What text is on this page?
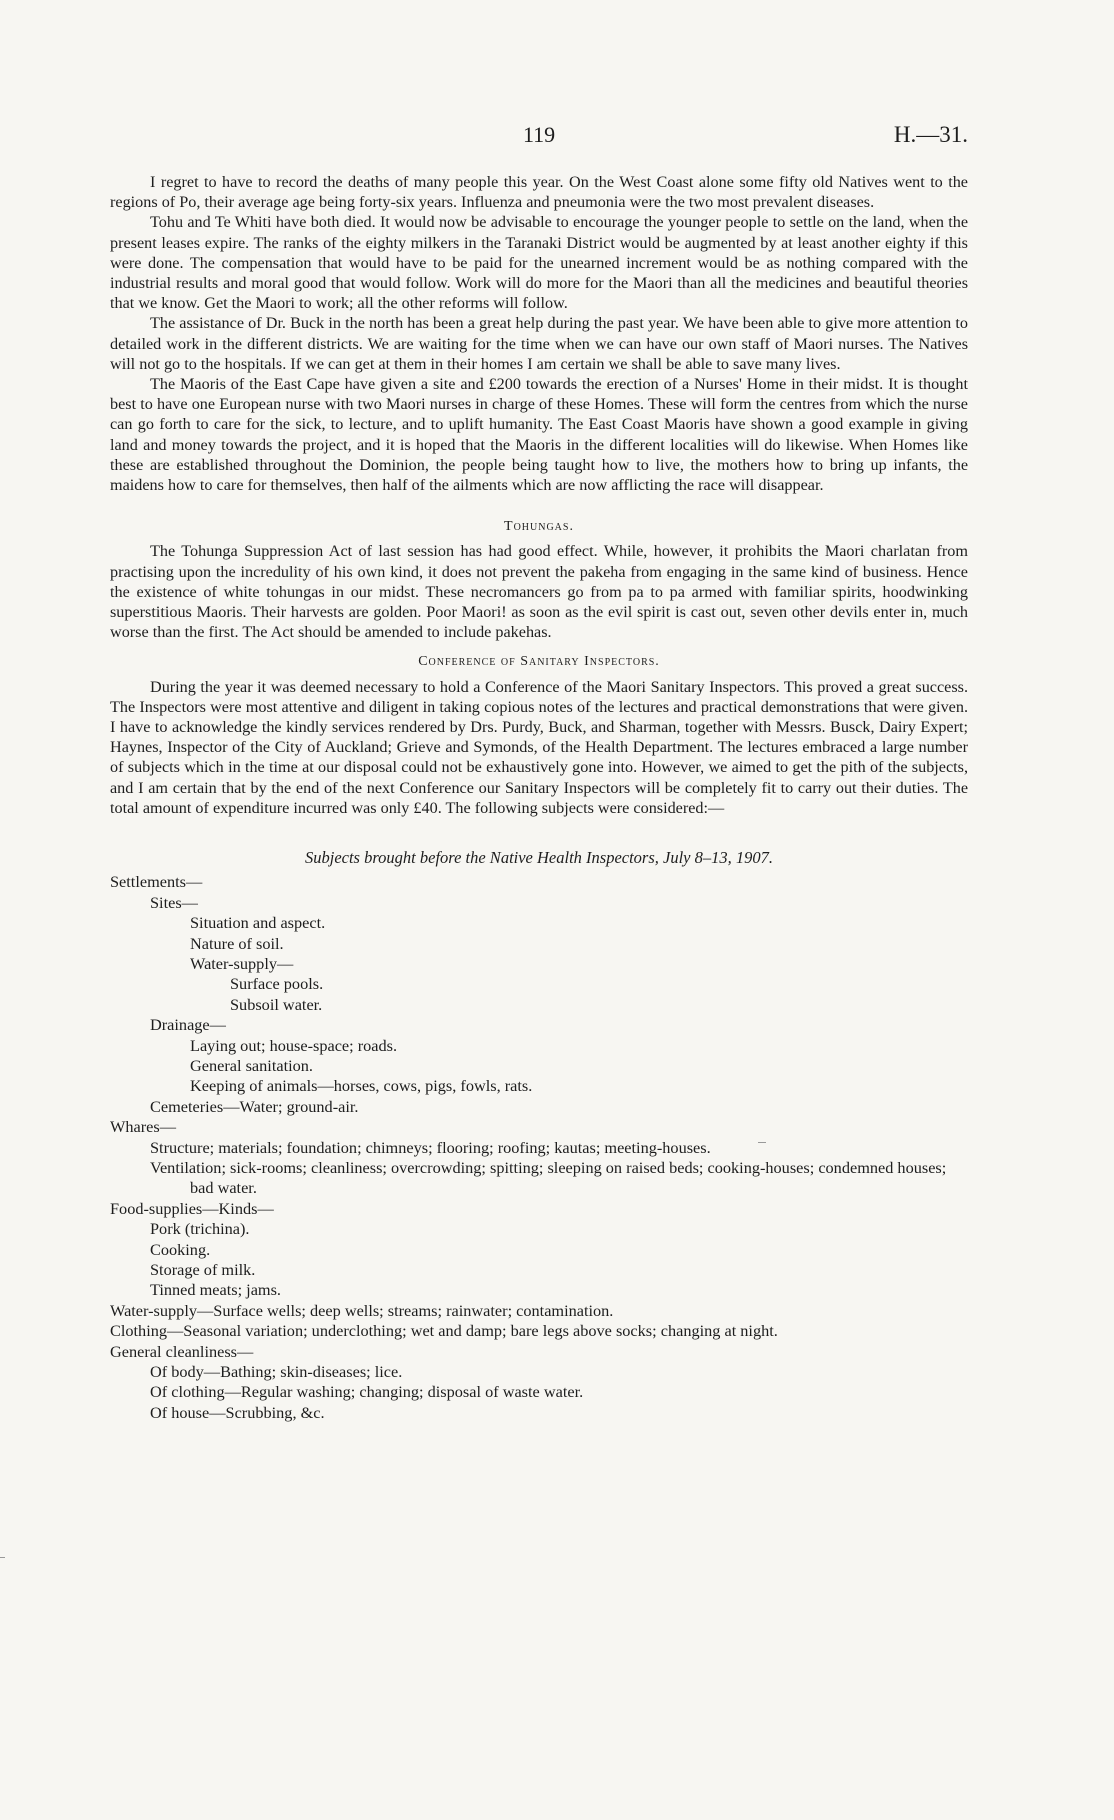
119	H.—31.

I regret to have to record the deaths of many people this year. On the West Coast alone some fifty old Natives went to the regions of Po, their average age being forty-six years. Influenza and pneumonia were the two most prevalent diseases.

Tohu and Te Whiti have both died. It would now be advisable to encourage the younger people to settle on the land, when the present leases expire. The ranks of the eighty milkers in the Taranaki District would be augmented by at least another eighty if this were done. The compensation that would have to be paid for the unearned increment would be as nothing compared with the industrial results and moral good that would follow. Work will do more for the Maori than all the medicines and beautiful theories that we know. Get the Maori to work; all the other reforms will follow.

The assistance of Dr. Buck in the north has been a great help during the past year. We have been able to give more attention to detailed work in the different districts. We are waiting for the time when we can have our own staff of Maori nurses. The Natives will not go to the hospitals. If we can get at them in their homes I am certain we shall be able to save many lives.

The Maoris of the East Cape have given a site and £200 towards the erection of a Nurses' Home in their midst. It is thought best to have one European nurse with two Maori nurses in charge of these Homes. These will form the centres from which the nurse can go forth to care for the sick, to lecture, and to uplift humanity. The East Coast Maoris have shown a good example in giving land and money towards the project, and it is hoped that the Maoris in the different localities will do likewise. When Homes like these are established throughout the Dominion, the people being taught how to live, the mothers how to bring up infants, the maidens how to care for themselves, then half of the ailments which are now afflicting the race will disappear.

Tohungas.

The Tohunga Suppression Act of last session has had good effect. While, however, it prohibits the Maori charlatan from practising upon the incredulity of his own kind, it does not prevent the pakeha from engaging in the same kind of business. Hence the existence of white tohungas in our midst. These necromancers go from pa to pa armed with familiar spirits, hoodwinking superstitious Maoris. Their harvests are golden. Poor Maori! as soon as the evil spirit is cast out, seven other devils enter in, much worse than the first. The Act should be amended to include pakehas.

Conference of Sanitary Inspectors.

During the year it was deemed necessary to hold a Conference of the Maori Sanitary Inspectors. This proved a great success. The Inspectors were most attentive and diligent in taking copious notes of the lectures and practical demonstrations that were given. I have to acknowledge the kindly services rendered by Drs. Purdy, Buck, and Sharman, together with Messrs. Busck, Dairy Expert; Haynes, Inspector of the City of Auckland; Grieve and Symonds, of the Health Department. The lectures embraced a large number of subjects which in the time at our disposal could not be exhaustively gone into. However, we aimed to get the pith of the subjects, and I am certain that by the end of the next Conference our Sanitary Inspectors will be completely fit to carry out their duties. The total amount of expenditure incurred was only £40. The following subjects were considered:—

Subjects brought before the Native Health Inspectors, July 8–13, 1907.
Settlements—
Sites—
Situation and aspect.
Nature of soil.
Water-supply—
Surface pools.
Subsoil water.
Drainage—
Laying out; house-space; roads.
General sanitation.
Keeping of animals—horses, cows, pigs, fowls, rats.
Cemeteries—Water; ground-air.
Whares—
Structure; materials; foundation; chimneys; flooring; roofing; kautas; meeting-houses.
Ventilation; sick-rooms; cleanliness; overcrowding; spitting; sleeping on raised beds; cooking-houses; condemned houses; bad water.
Food-supplies—Kinds—
Pork (trichina).
Cooking.
Storage of milk.
Tinned meats; jams.
Water-supply—Surface wells; deep wells; streams; rainwater; contamination.
Clothing—Seasonal variation; underclothing; wet and damp; bare legs above socks; changing at night.
General cleanliness—
Of body—Bathing; skin-diseases; lice.
Of clothing—Regular washing; changing; disposal of waste water.
Of house—Scrubbing, &c.
